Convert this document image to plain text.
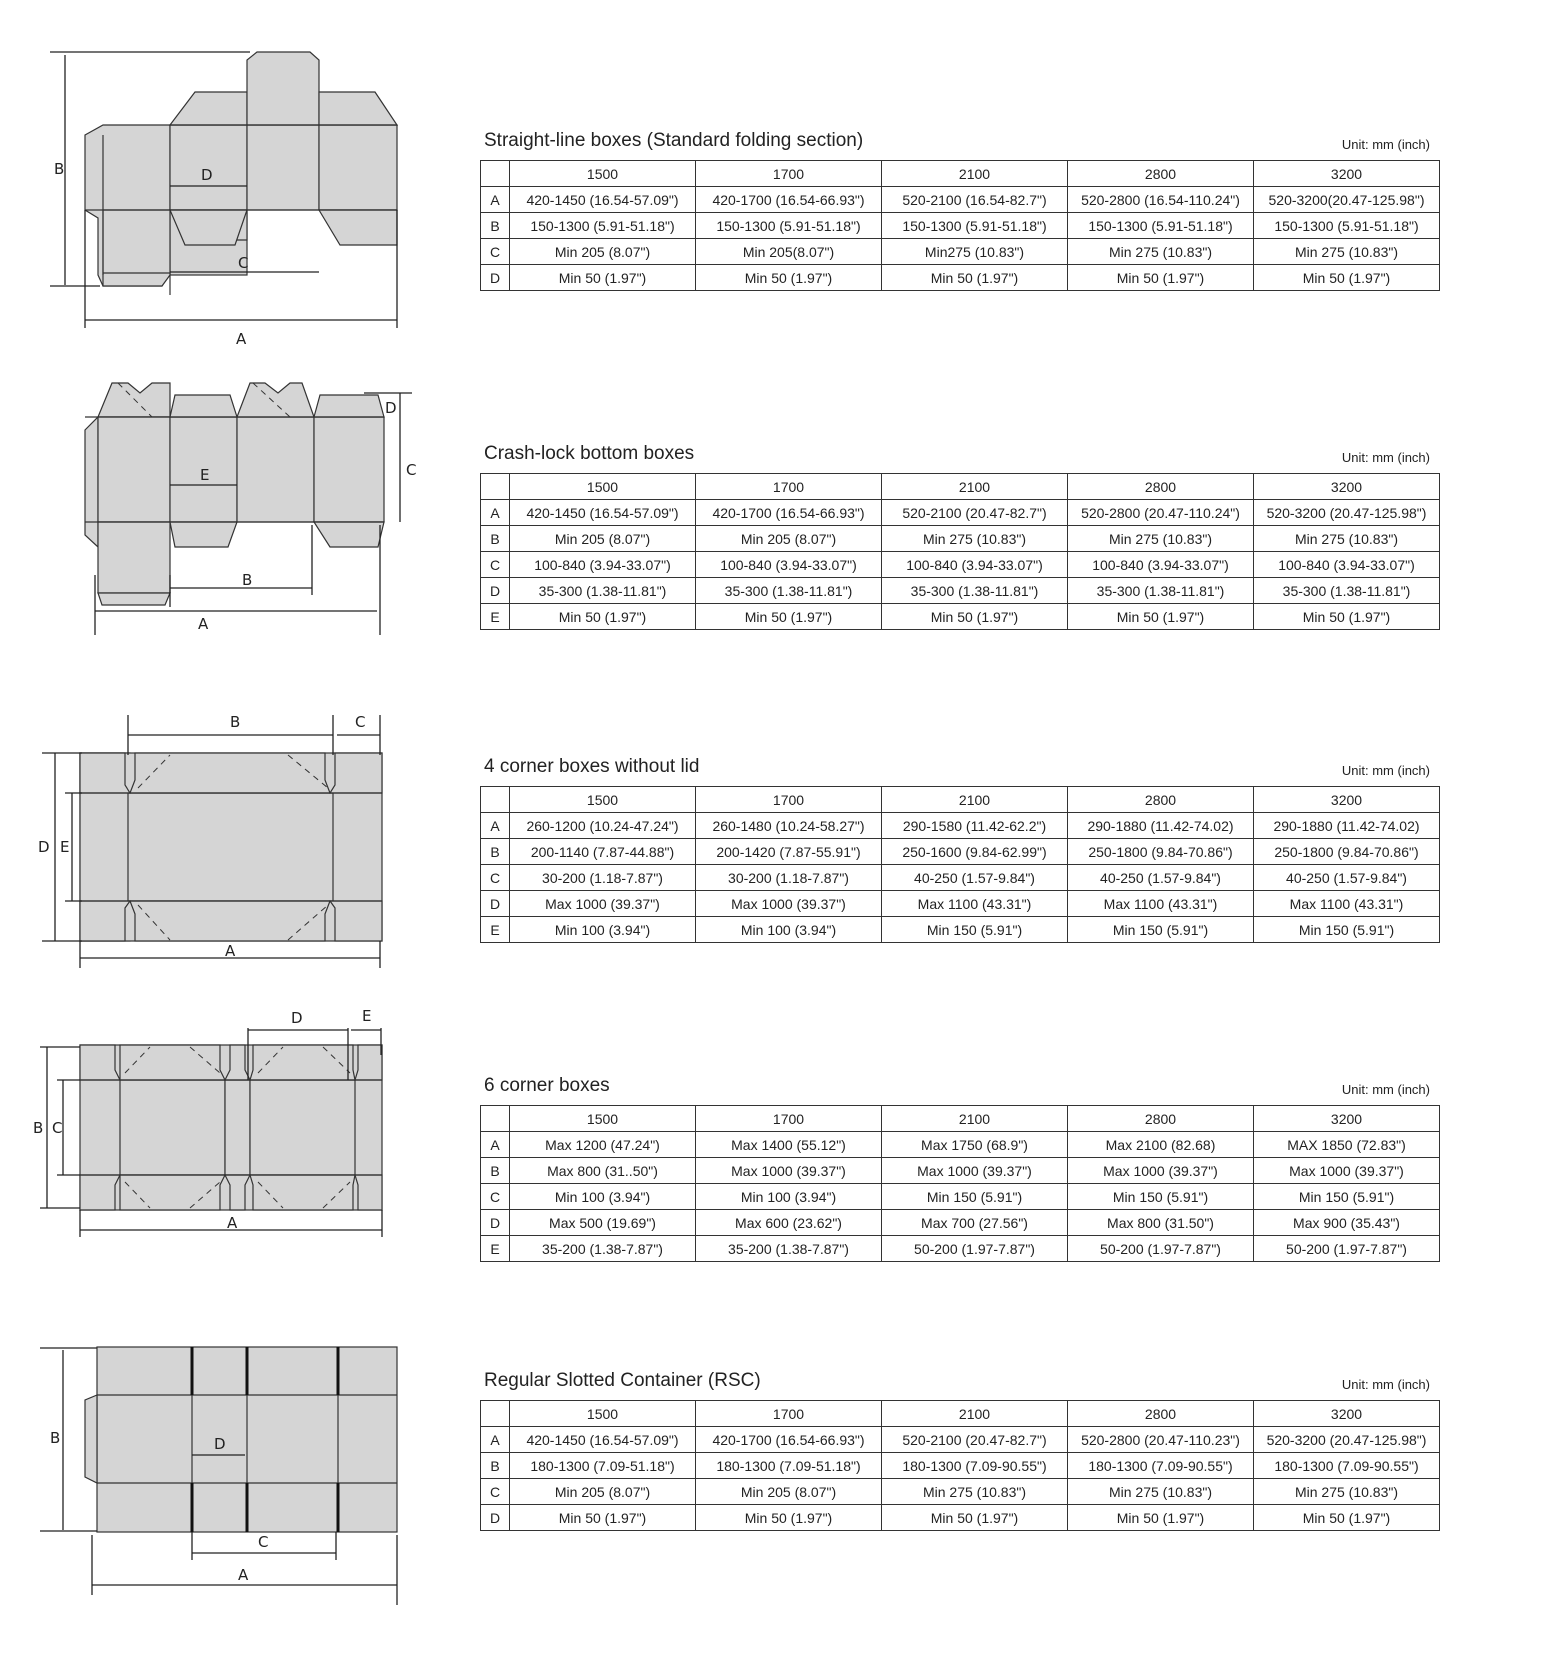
B
A
C
D
E
B
A
C
D
B	C
D E
A
D	E
B C
A
B	D
C
A
Straight-line boxes (Standard folding section)	Unit: mm (inch)
	1500	1700	2100	2800	3200
A	420-1450 (16.54-57.09")	420-1700 (16.54-66.93")	520-2100 (16.54-82.7")	520-2800 (16.54-110.24")	520-3200(20.47-125.98")
B	150-1300 (5.91-51.18")	150-1300 (5.91-51.18")	150-1300 (5.91-51.18")	150-1300 (5.91-51.18")	150-1300 (5.91-51.18")
C	Min 205 (8.07")	Min 205(8.07")	Min275 (10.83")	Min 275 (10.83")	Min 275 (10.83")
D	Min 50 (1.97")	Min 50 (1.97")	Min 50 (1.97")	Min 50 (1.97")	Min 50 (1.97")
Crash-lock bottom boxes	Unit: mm (inch)
	1500	1700	2100	2800	3200
A	420-1450 (16.54-57.09")	420-1700 (16.54-66.93")	520-2100 (20.47-82.7")	520-2800 (20.47-110.24")	520-3200 (20.47-125.98")
B	Min 205 (8.07")	Min 205 (8.07")	Min 275 (10.83")	Min 275 (10.83")	Min 275 (10.83")
C	100-840 (3.94-33.07")	100-840 (3.94-33.07")	100-840 (3.94-33.07")	100-840 (3.94-33.07")	100-840 (3.94-33.07")
D	35-300 (1.38-11.81")	35-300 (1.38-11.81")	35-300 (1.38-11.81")	35-300 (1.38-11.81")	35-300 (1.38-11.81")
E	Min 50 (1.97")	Min 50 (1.97")	Min 50 (1.97")	Min 50 (1.97")	Min 50 (1.97")
4 corner boxes without lid	Unit: mm (inch)
	1500	1700	2100	2800	3200
A	260-1200 (10.24-47.24")	260-1480 (10.24-58.27")	290-1580 (11.42-62.2")	290-1880 (11.42-74.02)	290-1880 (11.42-74.02)
B	200-1140 (7.87-44.88")	200-1420 (7.87-55.91")	250-1600 (9.84-62.99")	250-1800 (9.84-70.86")	250-1800 (9.84-70.86")
C	30-200 (1.18-7.87")	30-200 (1.18-7.87")	40-250 (1.57-9.84")	40-250 (1.57-9.84")	40-250 (1.57-9.84")
D	Max 1000 (39.37")	Max 1000 (39.37")	Max 1100 (43.31")	Max 1100 (43.31")	Max 1100 (43.31")
E	Min 100 (3.94")	Min 100 (3.94")	Min 150 (5.91")	Min 150 (5.91")	Min 150 (5.91")
6 corner boxes	Unit: mm (inch)
	1500	1700	2100	2800	3200
A	Max 1200 (47.24")	Max 1400 (55.12")	Max 1750 (68.9")	Max 2100 (82.68)	MAX 1850 (72.83")
B	Max 800 (31..50")	Max 1000 (39.37")	Max 1000 (39.37")	Max 1000 (39.37")	Max 1000 (39.37")
C	Min 100 (3.94")	Min 100 (3.94")	Min 150 (5.91")	Min 150 (5.91")	Min 150 (5.91")
D	Max 500 (19.69")	Max 600 (23.62")	Max 700 (27.56")	Max 800 (31.50")	Max 900 (35.43")
E	35-200 (1.38-7.87")	35-200 (1.38-7.87")	50-200 (1.97-7.87")	50-200 (1.97-7.87")	50-200 (1.97-7.87")
Regular Slotted Container (RSC)	Unit: mm (inch)
	1500	1700	2100	2800	3200
A	420-1450 (16.54-57.09")	420-1700 (16.54-66.93")	520-2100 (20.47-82.7")	520-2800 (20.47-110.23")	520-3200 (20.47-125.98")
B	180-1300 (7.09-51.18")	180-1300 (7.09-51.18")	180-1300 (7.09-90.55")	180-1300 (7.09-90.55")	180-1300 (7.09-90.55")
C	Min 205 (8.07")	Min 205 (8.07")	Min 275 (10.83")	Min 275 (10.83")	Min 275 (10.83")
D	Min 50 (1.97")	Min 50 (1.97")	Min 50 (1.97")	Min 50 (1.97")	Min 50 (1.97")
